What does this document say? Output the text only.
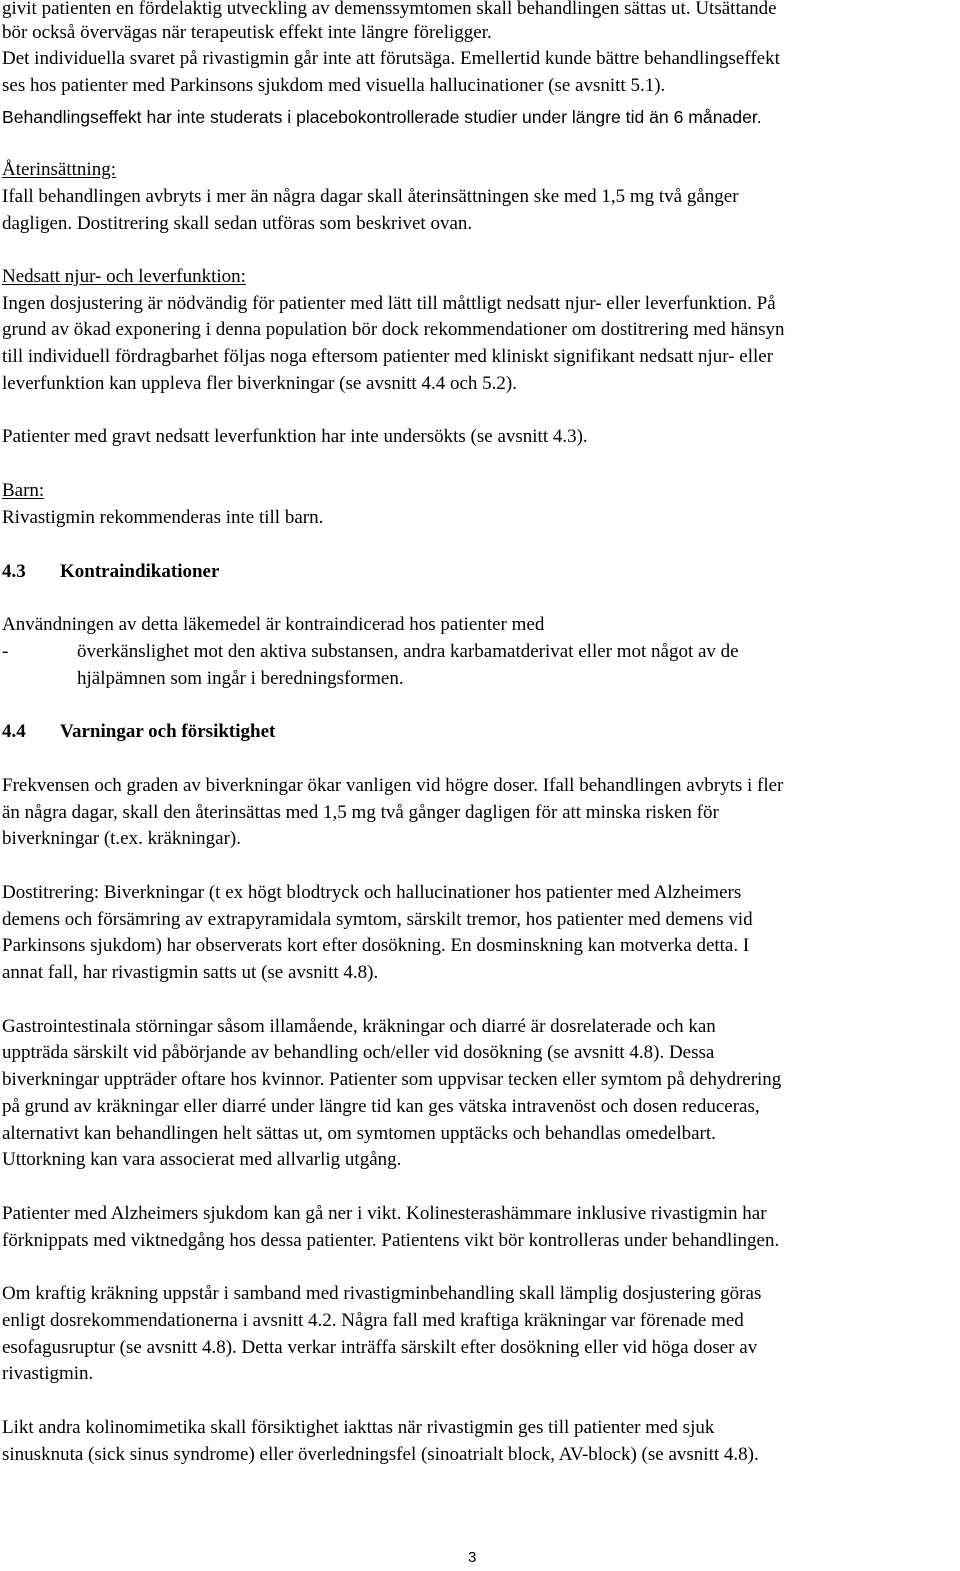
givit patienten en fördelaktig utveckling av demenssymtomen skall behandlingen sättas ut. Utsättande
bör också övervägas när terapeutisk effekt inte längre föreligger.
Det individuella svaret på rivastigmin går inte att förutsäga. Emellertid kunde bättre behandlingseffekt
ses hos patienter med Parkinsons sjukdom med visuella hallucinationer (se avsnitt 5.1).
Behandlingseffekt har inte studerats i placebokontrollerade studier under längre tid än 6 månader.
Återinsättning:
Ifall behandlingen avbryts i mer än några dagar skall återinsättningen ske med 1,5 mg två gånger
dagligen. Dostitrering skall sedan utföras som beskrivet ovan.
Nedsatt njur- och leverfunktion:
Ingen dosjustering är nödvändig för patienter med lätt till måttligt nedsatt njur- eller leverfunktion. På
grund av ökad exponering i denna population bör dock rekommendationer om dostitrering med hänsyn
till individuell fördragbarhet följas noga eftersom patienter med kliniskt signifikant nedsatt njur- eller
leverfunktion kan uppleva fler biverkningar (se avsnitt 4.4 och 5.2).
Patienter med gravt nedsatt leverfunktion har inte undersökts (se avsnitt 4.3).
Barn:
Rivastigmin rekommenderas inte till barn.
4.3 Kontraindikationer
Användningen av detta läkemedel är kontraindicerad hos patienter med
-	överkänslighet mot den aktiva substansen, andra karbamatderivat eller mot något av de
hjälpämnen som ingår i beredningsformen.
4.4 Varningar och försiktighet
Frekvensen och graden av biverkningar ökar vanligen vid högre doser. Ifall behandlingen avbryts i fler
än några dagar, skall den återinsättas med 1,5 mg två gånger dagligen för att minska risken för
biverkningar (t.ex. kräkningar).
Dostitrering: Biverkningar (t ex högt blodtryck och hallucinationer hos patienter med Alzheimers
demens och försämring av extrapyramidala symtom, särskilt tremor, hos patienter med demens vid
Parkinsons sjukdom) har observerats kort efter dosökning. En dosminskning kan motverka detta. I
annat fall, har rivastigmin satts ut (se avsnitt 4.8).
Gastrointestinala störningar såsom illamående, kräkningar och diarré är dosrelaterade och kan
uppträda särskilt vid påbörjande av behandling och/eller vid dosökning (se avsnitt 4.8). Dessa
biverkningar uppträder oftare hos kvinnor. Patienter som uppvisar tecken eller symtom på dehydrering
på grund av kräkningar eller diarré under längre tid kan ges vätska intravenöst och dosen reduceras,
alternativt kan behandlingen helt sättas ut, om symtomen upptäcks och behandlas omedelbart.
Uttorkning kan vara associerat med allvarlig utgång.
Patienter med Alzheimers sjukdom kan gå ner i vikt. Kolinesterashämmare inklusive rivastigmin har
förknippats med viktnedgång hos dessa patienter. Patientens vikt bör kontrolleras under behandlingen.
Om kraftig kräkning uppstår i samband med rivastigminbehandling skall lämplig dosjustering göras
enligt dosrekommendationerna i avsnitt 4.2. Några fall med kraftiga kräkningar var förenade med
esofagusruptur (se avsnitt 4.8). Detta verkar inträffa särskilt efter dosökning eller vid höga doser av
rivastigmin.
Likt andra kolinomimetika skall försiktighet iakttas när rivastigmin ges till patienter med sjuk
sinusknuta (sick sinus syndrome) eller överledningsfel (sinoatrialt block, AV-block) (se avsnitt 4.8).
3
